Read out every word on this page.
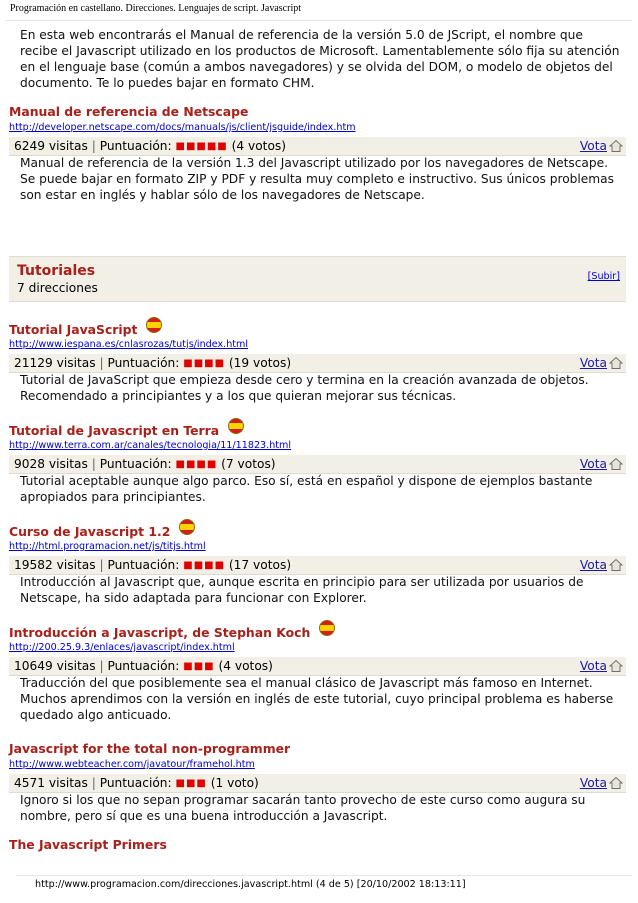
Programación en castellano. Direcciones. Lenguajes de script. Javascript
En esta web encontrarás el Manual de referencia de la versión 5.0 de JScript, el nombre que recibe el Javascript utilizado en los productos de Microsoft. Lamentablemente sólo fija su atención en el lenguaje base (común a ambos navegadores) y se olvida del DOM, o modelo de objetos del documento. Te lo puedes bajar en formato CHM.
Manual de referencia de Netscape
http://developer.netscape.com/docs/manuals/js/client/jsguide/index.htm
6249 visitas | Puntuación: ■■■■■ (4 votos)	Vota
Manual de referencia de la versión 1.3 del Javascript utilizado por los navegadores de Netscape. Se puede bajar en formato ZIP y PDF y resulta muy completo e instructivo. Sus únicos problemas son estar en inglés y hablar sólo de los navegadores de Netscape.
Tutoriales
7 direcciones
[Subir]
Tutorial JavaScript
http://www.iespana.es/cnlasrozas/tutjs/index.html
21129 visitas | Puntuación: ■■■■ (19 votos)	Vota
Tutorial de JavaScript que empieza desde cero y termina en la creación avanzada de objetos. Recomendado a principiantes y a los que quieran mejorar sus técnicas.
Tutorial de Javascript en Terra
http://www.terra.com.ar/canales/tecnologia/11/11823.html
9028 visitas | Puntuación: ■■■■ (7 votos)	Vota
Tutorial aceptable aunque algo parco. Eso sí, está en español y dispone de ejemplos bastante apropiados para principiantes.
Curso de Javascript 1.2
http://html.programacion.net/js/titjs.html
19582 visitas | Puntuación: ■■■■ (17 votos)	Vota
Introducción al Javascript que, aunque escrita en principio para ser utilizada por usuarios de Netscape, ha sido adaptada para funcionar con Explorer.
Introducción a Javascript, de Stephan Koch
http://200.25.9.3/enlaces/javascript/index.html
10649 visitas | Puntuación: ■■■ (4 votos)	Vota
Traducción del que posiblemente sea el manual clásico de Javascript más famoso en Internet. Muchos aprendimos con la versión en inglés de este tutorial, cuyo principal problema es haberse quedado algo anticuado.
Javascript for the total non-programmer
http://www.webteacher.com/javatour/framehol.htm
4571 visitas | Puntuación: ■■■ (1 voto)	Vota
Ignoro si los que no sepan programar sacarán tanto provecho de este curso como augura su nombre, pero sí que es una buena introducción a Javascript.
The Javascript Primers
http://www.programacion.com/direcciones.javascript.html (4 de 5) [20/10/2002 18:13:11]
